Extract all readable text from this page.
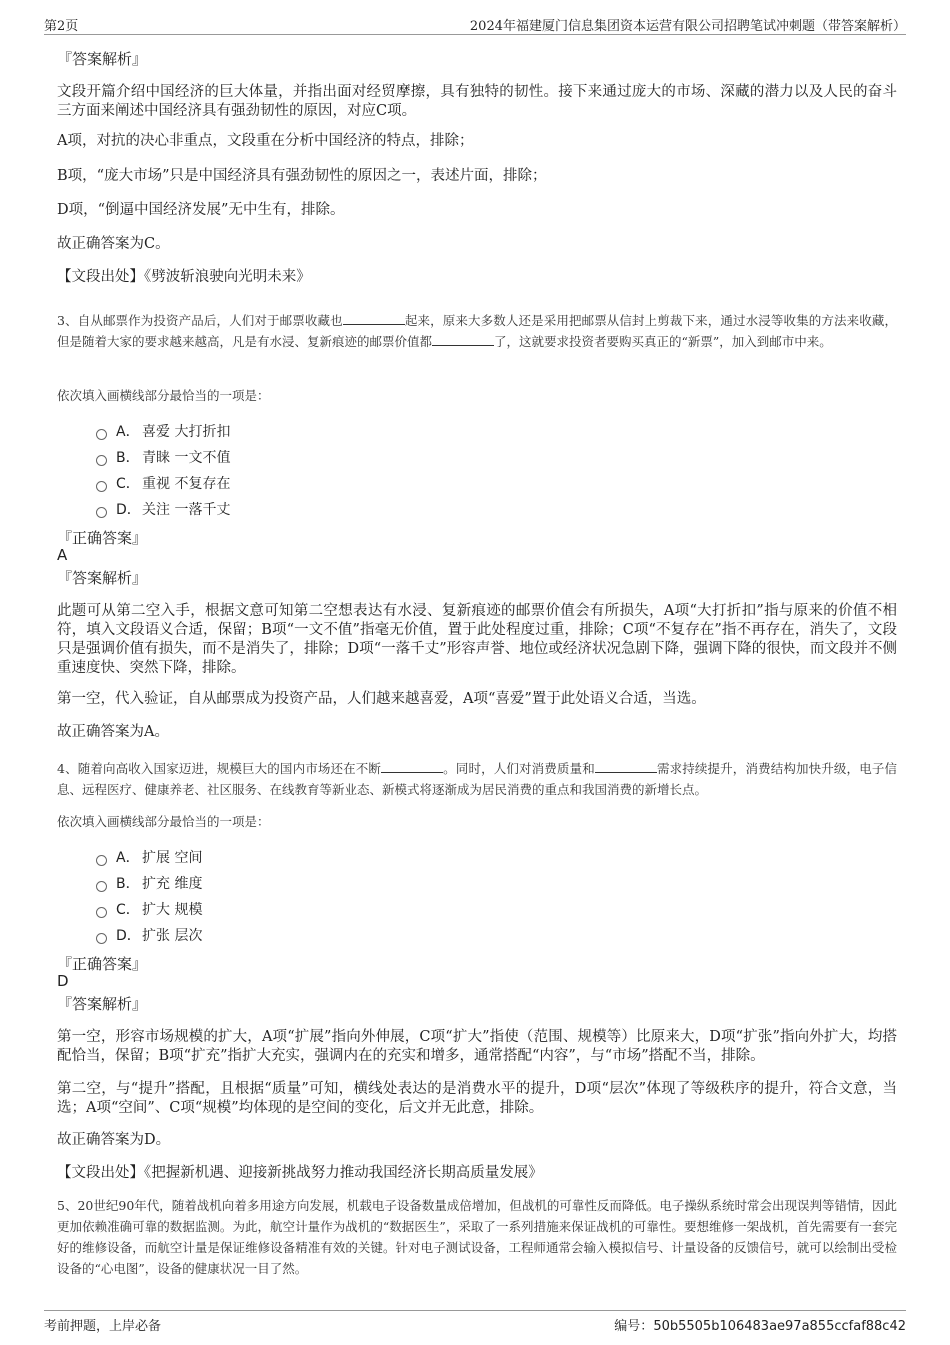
第2页	2024年福建厦门信息集团资本运营有限公司招聘笔试冲刺题（带答案解析）
『答案解析』

文段开篇介绍中国经济的巨大体量，并指出面对经贸摩擦，具有独特的韧性。接下来通过庞大的市场、深藏的潜力以及人民的奋斗三方面来阐述中国经济具有强劲韧性的原因，对应C项。

A项，对抗的决心非重点，文段重在分析中国经济的特点，排除；

B项，“庞大市场”只是中国经济具有强劲韧性的原因之一，表述片面，排除；

D项，“倒逼中国经济发展”无中生有，排除。

故正确答案为C。

【文段出处】《劈波斩浪驶向光明未来》

3、自从邮票作为投资产品后，人们对于邮票收藏也	起来，原来大多数人还是采用把邮票从信封上剪裁下来，通过水浸等收集的方法来收藏，但是随着大家的要求越来越高，凡是有水浸、复新痕迹的邮票价值都	了，这就要求投资者要购买真正的“新票”，加入到邮市中来。

依次填入画横线部分最恰当的一项是：
A． 喜爱 大打折扣
B． 青睐 一文不值
C． 重视 不复存在
D． 关注 一落千丈
『正确答案』
A
『答案解析』

此题可从第二空入手，根据文意可知第二空想表达有水浸、复新痕迹的邮票价值会有所损失，A项“大打折扣”指与原来的价值不相符，填入文段语义合适，保留；B项“一文不值”指毫无价值，置于此处程度过重，排除；C项“不复存在”指不再存在，消失了，文段只是强调价值有损失，而不是消失了，排除；D项“一落千丈”形容声誉、地位或经济状况急剧下降，强调下降的很快，而文段并不侧重速度快、突然下降，排除。

第一空，代入验证，自从邮票成为投资产品，人们越来越喜爱，A项“喜爱”置于此处语义合适，当选。

故正确答案为A。

4、随着向高收入国家迈进，规模巨大的国内市场还在不断	。同时，人们对消费质量和	需求持续提升，消费结构加快升级，电子信息、远程医疗、健康养老、社区服务、在线教育等新业态、新模式将逐渐成为居民消费的重点和我国消费的新增长点。

依次填入画横线部分最恰当的一项是：
A． 扩展 空间
B． 扩充 维度
C． 扩大 规模
D． 扩张 层次
『正确答案』
D
『答案解析』

第一空，形容市场规模的扩大，A项“扩展”指向外伸展，C项“扩大”指使（范围、规模等）比原来大，D项“扩张”指向外扩大，均搭配恰当，保留；B项“扩充”指扩大充实，强调内在的充实和增多，通常搭配“内容”，与“市场”搭配不当，排除。

第二空，与“提升”搭配，且根据“质量”可知，横线处表达的是消费水平的提升，D项“层次”体现了等级秩序的提升，符合文意，当选；A项“空间”、C项“规模”均体现的是空间的变化，后文并无此意，排除。

故正确答案为D。

【文段出处】《把握新机遇、迎接新挑战努力推动我国经济长期高质量发展》

5、20世纪90年代，随着战机向着多用途方向发展，机载电子设备数量成倍增加，但战机的可靠性反而降低。电子操纵系统时常会出现误判等错情，因此更加依赖准确可靠的数据监测。为此，航空计量作为战机的“数据医生”，采取了一系列措施来保证战机的可靠性。要想维修一架战机，首先需要有一套完好的维修设备，而航空计量是保证维修设备精准有效的关键。针对电子测试设备，工程师通常会输入模拟信号、计量设备的反馈信号，就可以绘制出受检设备的“心电图”，设备的健康状况一目了然。

考前押题，上岸必备	编号：50b5505b106483ae97a855ccfaf88c42
